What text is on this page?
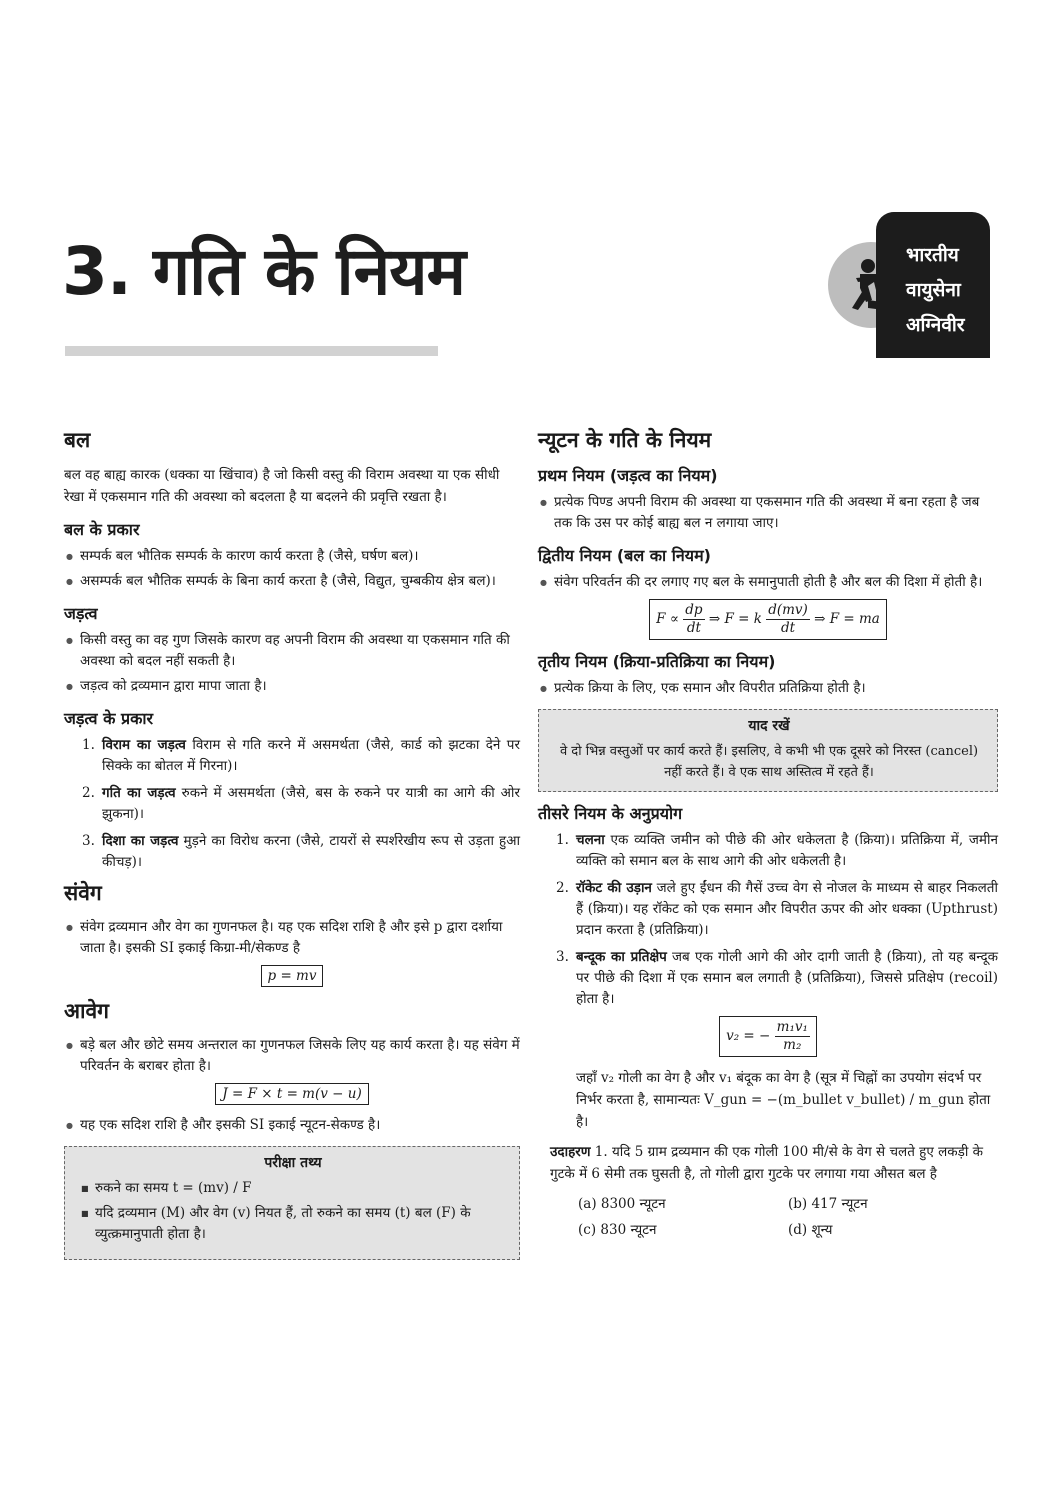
3. गति के नियम	भारतीय
वायुसेना
अग्निवीर
बल

बल वह बाह्य कारक (धक्का या खिंचाव) है जो किसी वस्तु की विराम अवस्था या एक सीधी रेखा में एकसमान गति की अवस्था को बदलता है या बदलने की प्रवृत्ति रखता है।

बल के प्रकार
● सम्पर्क बल भौतिक सम्पर्क के कारण कार्य करता है (जैसे, घर्षण बल)।
● असम्पर्क बल भौतिक सम्पर्क के बिना कार्य करता है (जैसे, विद्युत, चुम्बकीय क्षेत्र बल)।
जड़त्व
● किसी वस्तु का वह गुण जिसके कारण वह अपनी विराम की अवस्था या एकसमान गति की अवस्था को बदल नहीं सकती है।
● जड़त्व को द्रव्यमान द्वारा मापा जाता है।
जड़त्व के प्रकार
1. विराम का जड़त्व विराम से गति करने में असमर्थता (जैसे, कार्ड को झटका देने पर सिक्के का बोतल में गिरना)।
2. गति का जड़त्व रुकने में असमर्थता (जैसे, बस के रुकने पर यात्री का आगे की ओर झुकना)।
3. दिशा का जड़त्व मुड़ने का विरोध करना (जैसे, टायरों से स्पर्शरेखीय रूप से उड़ता हुआ कीचड़)।
संवेग
● संवेग द्रव्यमान और वेग का गुणनफल है। यह एक सदिश राशि है और इसे p द्वारा दर्शाया जाता है। इसकी SI इकाई किग्रा-मी/सेकण्ड है
p = mv
आवेग
● बड़े बल और छोटे समय अन्तराल का गुणनफल जिसके लिए यह कार्य करता है। यह संवेग में परिवर्तन के बराबर होता है।
J = F × t = m(v − u)
● यह एक सदिश राशि है और इसकी SI इकाई न्यूटन-सेकण्ड है।
परीक्षा तथ्य
■ रुकने का समय t = (mv) / F
■ यदि द्रव्यमान (M) और वेग (v) नियत हैं, तो रुकने का समय (t) बल (F) के व्युत्क्रमानुपाती होता है।
न्यूटन के गति के नियम
प्रथम नियम (जड़त्व का नियम)
● प्रत्येक पिण्ड अपनी विराम की अवस्था या एकसमान गति की अवस्था में बना रहता है जब तक कि उस पर कोई बाह्य बल न लगाया जाए।
द्वितीय नियम (बल का नियम)
● संवेग परिवर्तन की दर लगाए गए बल के समानुपाती होती है और बल की दिशा में होती है।
$F \propto \frac{dp}{dt}$ ⇒ F = k $\frac{d(mv)}{dt}$ ⇒ F = ma
तृतीय नियम (क्रिया-प्रतिक्रिया का नियम)
● प्रत्येक क्रिया के लिए, एक समान और विपरीत प्रतिक्रिया होती है।
याद रखें

वे दो भिन्न वस्तुओं पर कार्य करते हैं। इसलिए, वे कभी भी एक दूसरे को निरस्त (cancel) नहीं करते हैं। वे एक साथ अस्तित्व में रहते हैं।

तीसरे नियम के अनुप्रयोग
1. चलना एक व्यक्ति जमीन को पीछे की ओर धकेलता है (क्रिया)। प्रतिक्रिया में, जमीन व्यक्ति को समान बल के साथ आगे की ओर धकेलती है।
2. रॉकेट की उड़ान जले हुए ईंधन की गैसें उच्च वेग से नोजल के माध्यम से बाहर निकलती हैं (क्रिया)। यह रॉकेट को एक समान और विपरीत ऊपर की ओर धक्का (Upthrust) प्रदान करता है (प्रतिक्रिया)।
3. बन्दूक का प्रतिक्षेप जब एक गोली आगे की ओर दागी जाती है (क्रिया), तो यह बन्दूक पर पीछे की दिशा में एक समान बल लगाती है (प्रतिक्रिया), जिससे प्रतिक्षेप (recoil) होता है।
v₂ = − $\frac{\text{m₁v₁}}{\text{m₂}}$

जहाँ v₂ गोली का वेग है और v₁ बंदूक का वेग है (सूत्र में चिह्नों का उपयोग संदर्भ पर निर्भर करता है, सामान्यतः V_gun = −(m_bullet v_bullet) / m_gun होता है।

उदाहरण 1. यदि 5 ग्राम द्रव्यमान की एक गोली 100 मी/से के वेग से चलते हुए लकड़ी के गुटके में 6 सेमी तक घुसती है, तो गोली द्वारा गुटके पर लगाया गया औसत बल है

(a) 8300 न्यूटन	(b) 417 न्यूटन
(c) 830 न्यूटन	(d) शून्य
